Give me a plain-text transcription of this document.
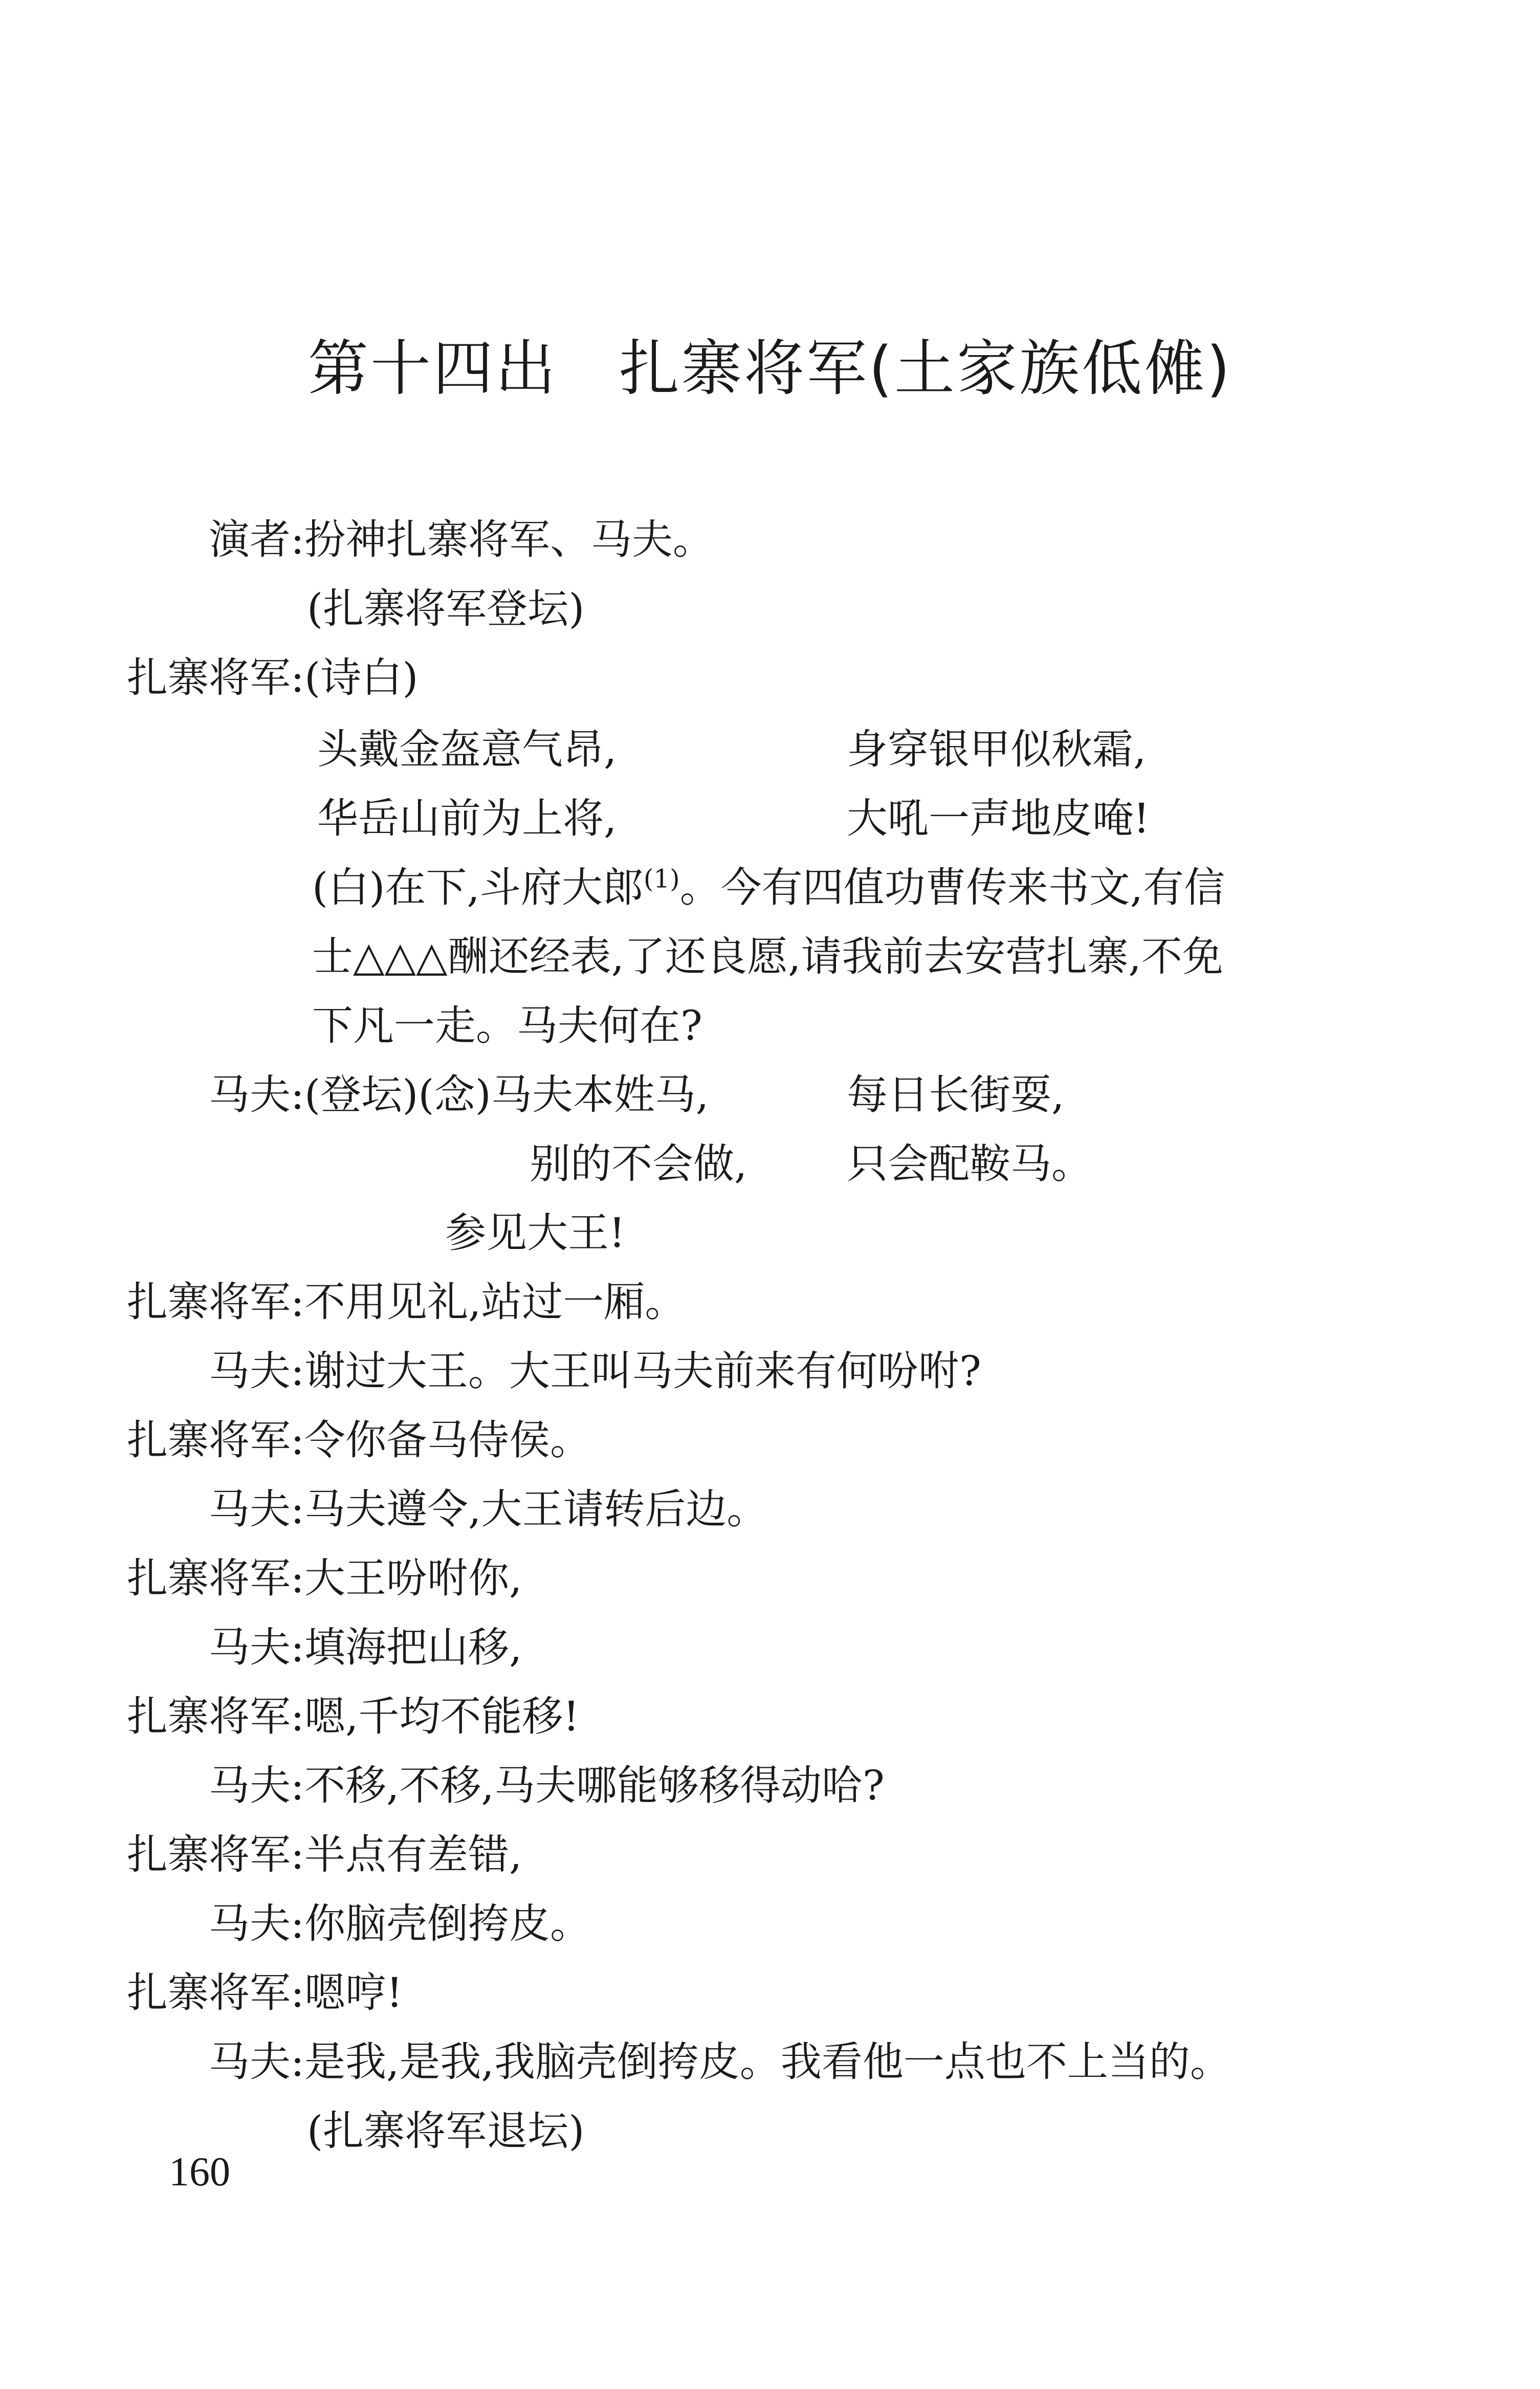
第十四出 扎寨将军(土家族低傩)
演者: 扮神扎寨将军、马夫。
(扎寨将军登坛)
扎寨将军: (诗白)
头戴金盔意气昂,	身穿银甲似秋霜,
华岳山前为上将,	大吼一声地皮唵!
(白)在下,斗府大郎$^{(1)}$。今有四值功曹传来书文,有信
士△△△酬还经表,了还良愿,请我前去安营扎寨,不免
下凡一走。马夫何在?
马夫: (登坛)(念)马夫本姓马,	每日长街耍,
别的不会做, 只会配鞍马。
参见大王!
扎寨将军: 不用见礼,站过一厢。
马夫: 谢过大王。大王叫马夫前来有何吩咐?
扎寨将军: 令你备马侍侯。
马夫: 马夫遵令,大王请转后边。
扎寨将军: 大王吩咐你,
马夫: 填海把山移,
扎寨将军: 嗯,千均不能移!
马夫: 不移,不移,马夫哪能够移得动哈?
扎寨将军: 半点有差错,
马夫: 你脑壳倒挎皮。
扎寨将军: 嗯哼!
马夫: 是我,是我,我脑壳倒挎皮。我看他一点也不上当的。
(扎寨将军退坛)
160
